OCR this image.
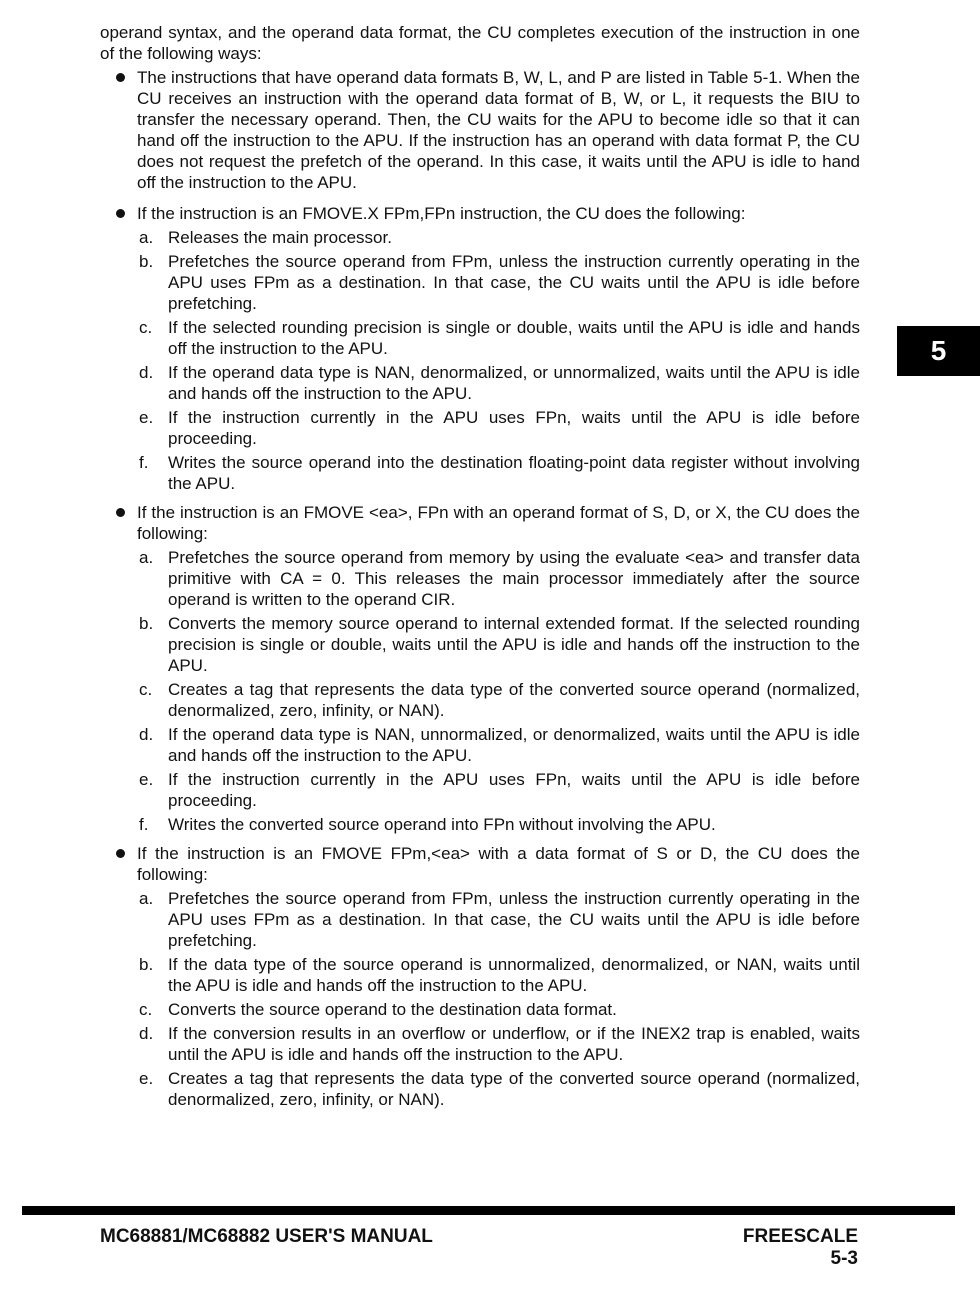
operand syntax, and the operand data format, the CU completes execution of the instruction in one of the following ways:

The instructions that have operand data formats B, W, L, and P are listed in Table 5-1. When the CU receives an instruction with the operand data format of B, W, or L, it requests the BIU to transfer the necessary operand. Then, the CU waits for the APU to become idle so that it can hand off the instruction to the APU. If the instruction has an operand with data format P, the CU does not request the prefetch of the operand. In this case, it waits until the APU is idle to hand off the instruction to the APU.

If the instruction is an FMOVE.X FPm,FPn instruction, the CU does the following:

a. Releases the main processor.
b. Prefetches the source operand from FPm, unless the instruction currently operating in the APU uses FPm as a destination. In that case, the CU waits until the APU is idle before prefetching.
c. If the selected rounding precision is single or double, waits until the APU is idle and hands off the instruction to the APU.
d. If the operand data type is NAN, denormalized, or unnormalized, waits until the APU is idle and hands off the instruction to the APU.
e. If the instruction currently in the APU uses FPn, waits until the APU is idle before proceeding.
f. Writes the source operand into the destination floating-point data register without involving the APU.

If the instruction is an FMOVE <ea>, FPn with an operand format of S, D, or X, the CU does the following:

a. Prefetches the source operand from memory by using the evaluate <ea> and transfer data primitive with CA = 0. This releases the main processor immediately after the source operand is written to the operand CIR.
b. Converts the memory source operand to internal extended format. If the selected rounding precision is single or double, waits until the APU is idle and hands off the instruction to the APU.
c. Creates a tag that represents the data type of the converted source operand (normalized, denormalized, zero, infinity, or NAN).
d. If the operand data type is NAN, unnormalized, or denormalized, waits until the APU is idle and hands off the instruction to the APU.
e. If the instruction currently in the APU uses FPn, waits until the APU is idle before proceeding.
f. Writes the converted source operand into FPn without involving the APU.

If the instruction is an FMOVE FPm,<ea> with a data format of S or D, the CU does the following:

a. Prefetches the source operand from FPm, unless the instruction currently operating in the APU uses FPm as a destination. In that case, the CU waits until the APU is idle before prefetching.
b. If the data type of the source operand is unnormalized, denormalized, or NAN, waits until the APU is idle and hands off the instruction to the APU.
c. Converts the source operand to the destination data format.
d. If the conversion results in an overflow or underflow, or if the INEX2 trap is enabled, waits until the APU is idle and hands off the instruction to the APU.
e. Creates a tag that represents the data type of the converted source operand (normalized, denormalized, zero, infinity, or NAN).
5
MC68881/MC68882 USER'S MANUAL	FREESCALE
5-3
